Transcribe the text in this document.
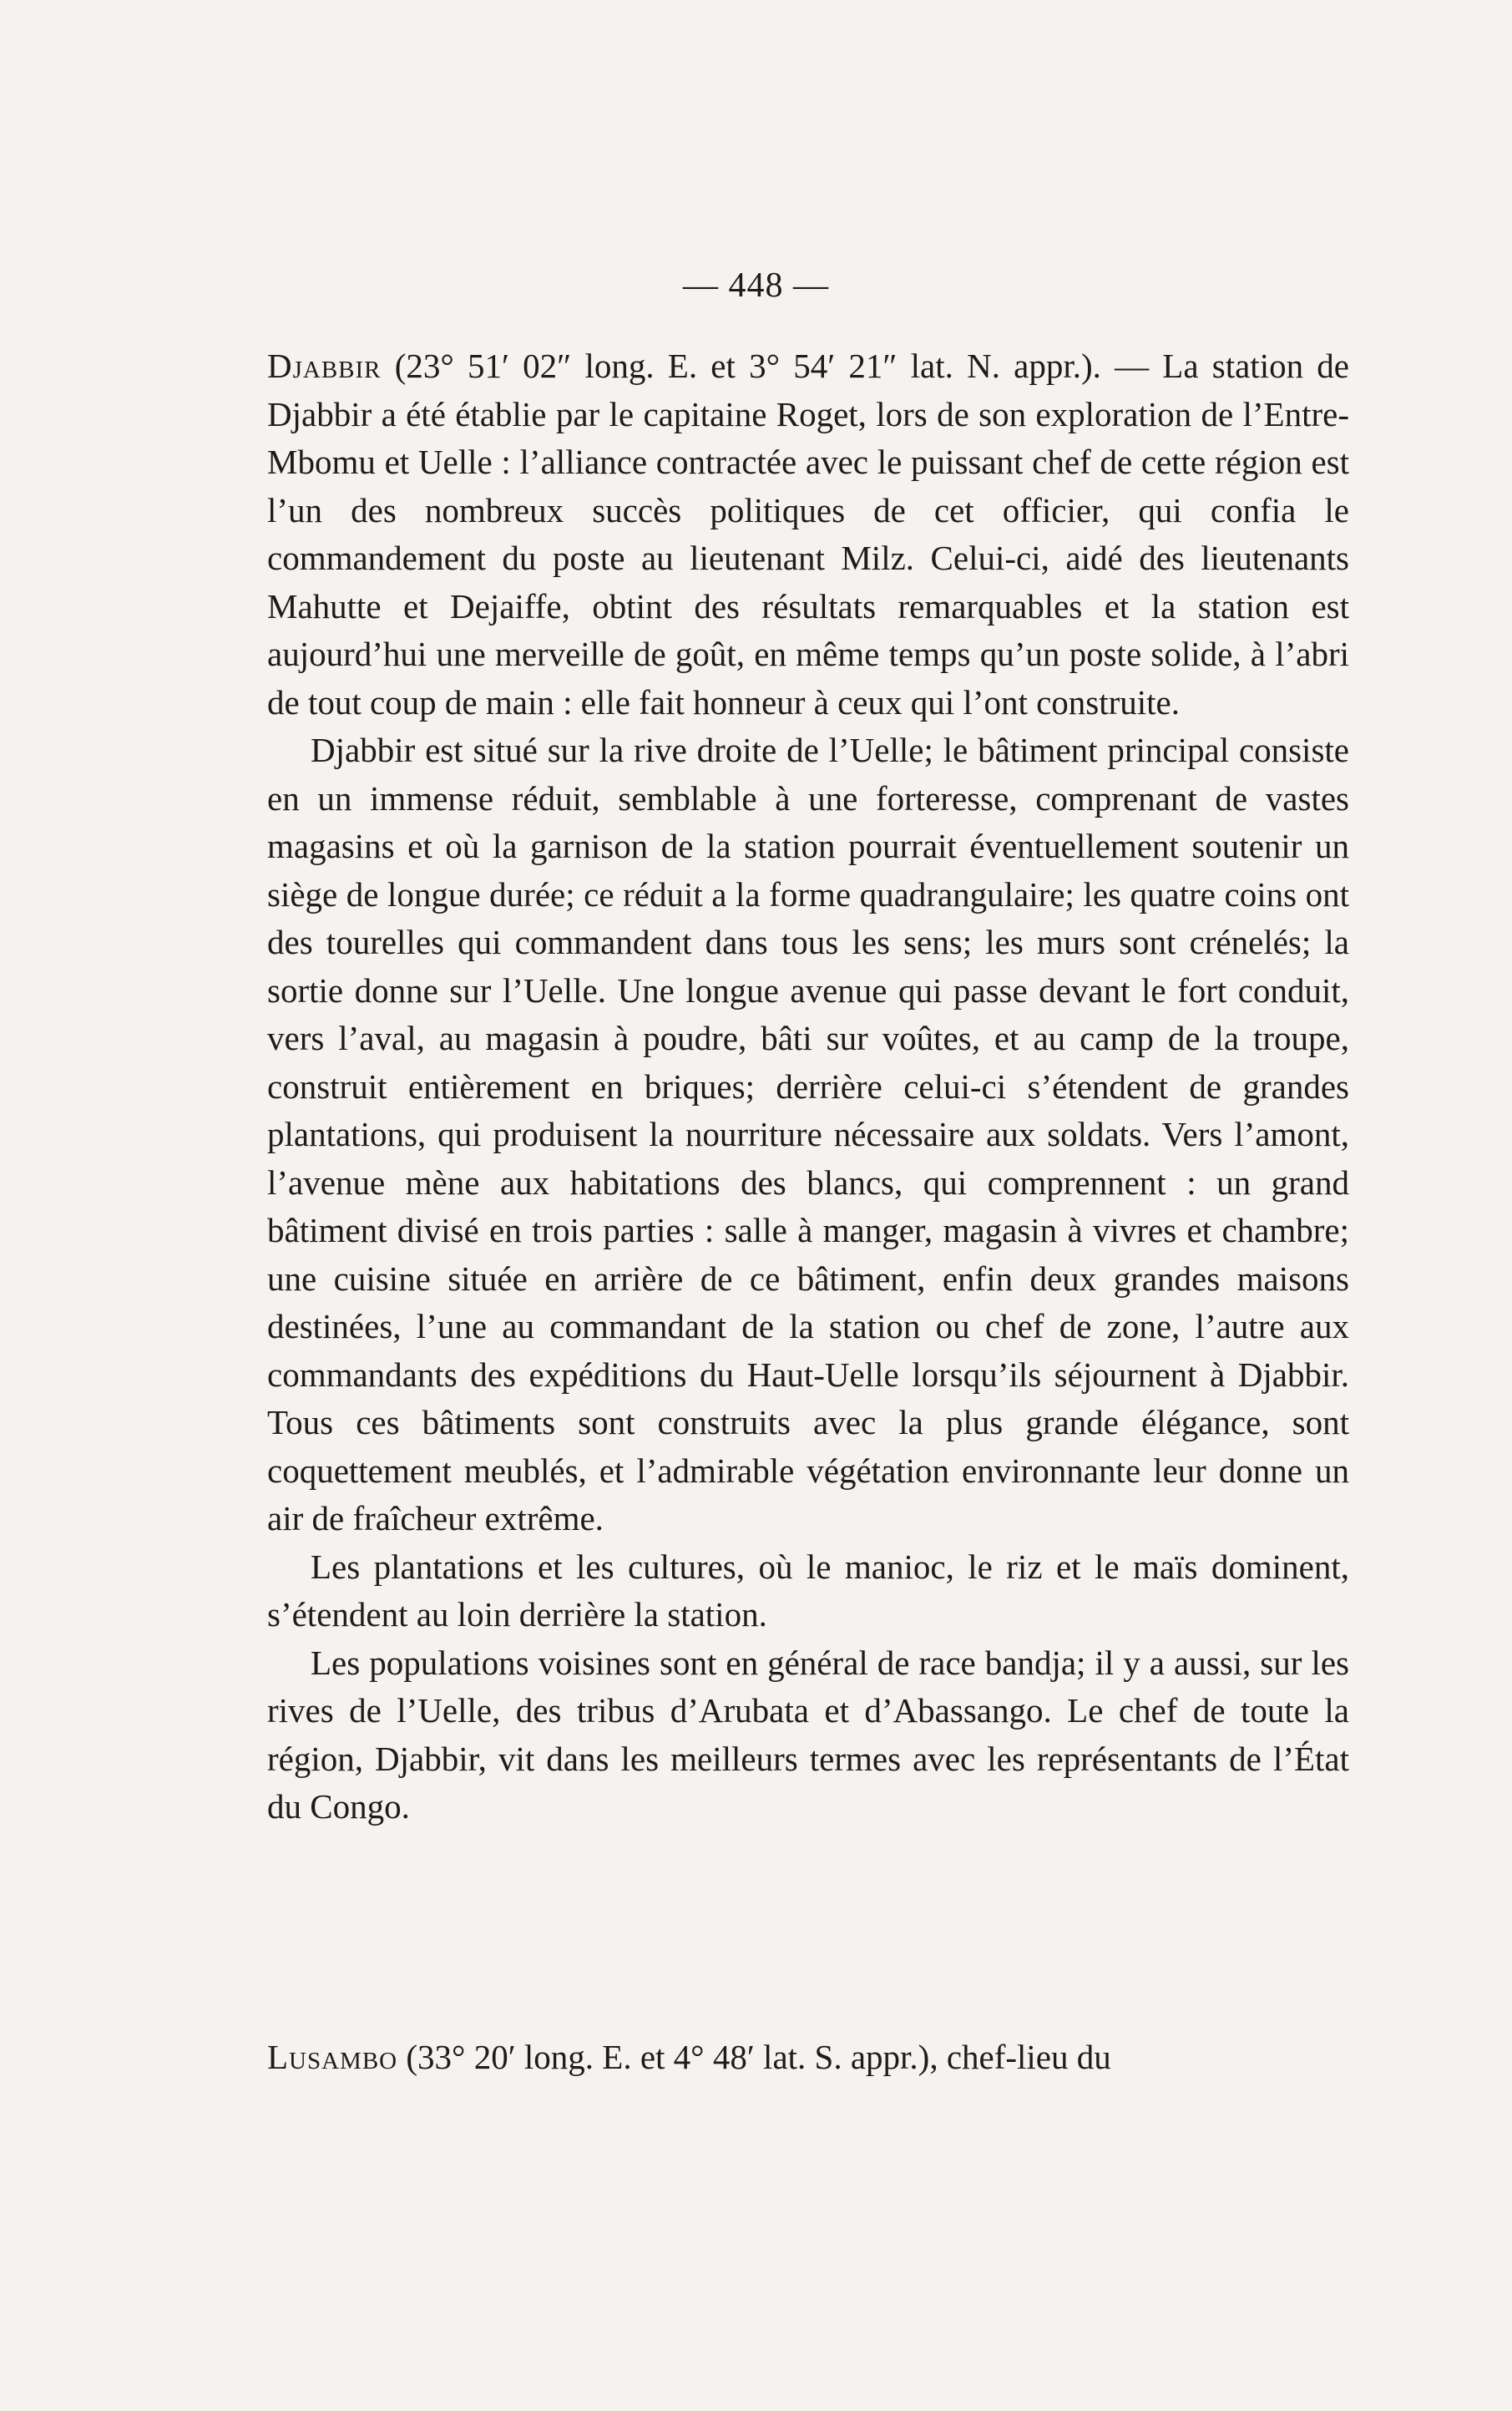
— 448 —

Djabbir (23° 51′ 02″ long. E. et 3° 54′ 21″ lat. N. appr.). — La station de Djabbir a été établie par le capitaine Roget, lors de son exploration de l’Entre-Mbomu et Uelle : l’alliance contractée avec le puissant chef de cette région est l’un des nombreux succès politiques de cet officier, qui confia le commandement du poste au lieutenant Milz. Celui-ci, aidé des lieutenants Mahutte et Dejaiffe, obtint des résultats remarquables et la station est aujourd’hui une merveille de goût, en même temps qu’un poste solide, à l’abri de tout coup de main : elle fait honneur à ceux qui l’ont construite.

Djabbir est situé sur la rive droite de l’Uelle; le bâtiment principal consiste en un immense réduit, semblable à une forteresse, comprenant de vastes magasins et où la garnison de la station pourrait éventuellement soutenir un siège de longue durée; ce réduit a la forme quadrangulaire; les quatre coins ont des tourelles qui commandent dans tous les sens; les murs sont crénelés; la sortie donne sur l’Uelle. Une longue avenue qui passe devant le fort conduit, vers l’aval, au magasin à poudre, bâti sur voûtes, et au camp de la troupe, construit entièrement en briques; derrière celui-ci s’étendent de grandes plantations, qui produisent la nourriture nécessaire aux soldats. Vers l’amont, l’avenue mène aux habitations des blancs, qui comprennent : un grand bâtiment divisé en trois parties : salle à manger, magasin à vivres et chambre; une cuisine située en arrière de ce bâtiment, enfin deux grandes maisons destinées, l’une au commandant de la station ou chef de zone, l’autre aux commandants des expéditions du Haut-Uelle lorsqu’ils séjournent à Djabbir. Tous ces bâtiments sont construits avec la plus grande élégance, sont coquettement meublés, et l’admirable végétation environnante leur donne un air de fraîcheur extrême.

Les plantations et les cultures, où le manioc, le riz et le maïs dominent, s’étendent au loin derrière la station.

Les populations voisines sont en général de race bandja; il y a aussi, sur les rives de l’Uelle, des tribus d’Arubata et d’Abassango. Le chef de toute la région, Djabbir, vit dans les meilleurs termes avec les représentants de l’État du Congo.

Lusambo (33° 20′ long. E. et 4° 48′ lat. S. appr.), chef-lieu du
